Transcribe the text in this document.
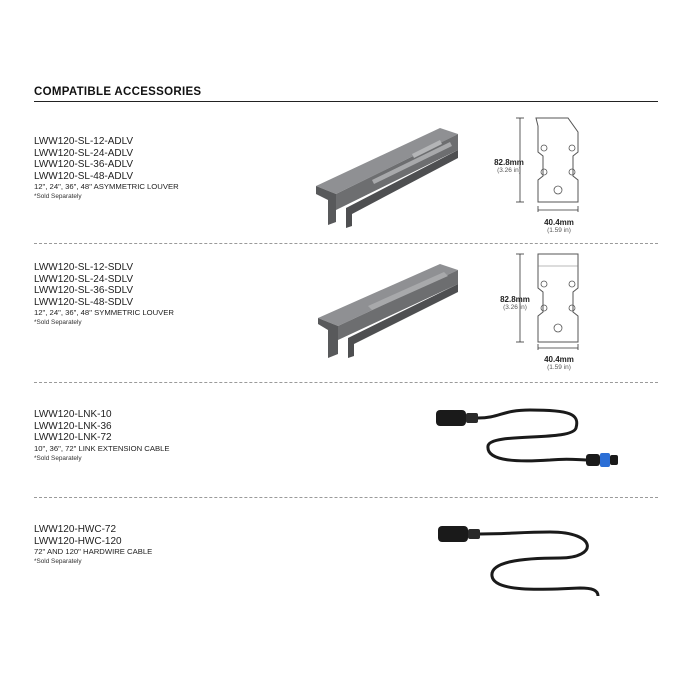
COMPATIBLE ACCESSORIES
LWW120-SL-12-ADLV
LWW120-SL-24-ADLV
LWW120-SL-36-ADLV
LWW120-SL-48-ADLV
12", 24", 36", 48" ASYMMETRIC LOUVER
*Sold Separately
82.8mm
(3.26 in)
40.4mm
(1.59 in)
LWW120-SL-12-SDLV
LWW120-SL-24-SDLV
LWW120-SL-36-SDLV
LWW120-SL-48-SDLV
12", 24", 36", 48" SYMMETRIC LOUVER
*Sold Separately
82.8mm
(3.26 in)
40.4mm
(1.59 in)
LWW120-LNK-10
LWW120-LNK-36
LWW120-LNK-72
10", 36", 72" LINK EXTENSION CABLE
*Sold Separately
LWW120-HWC-72
LWW120-HWC-120
72" AND 120" HARDWIRE CABLE
*Sold Separately
